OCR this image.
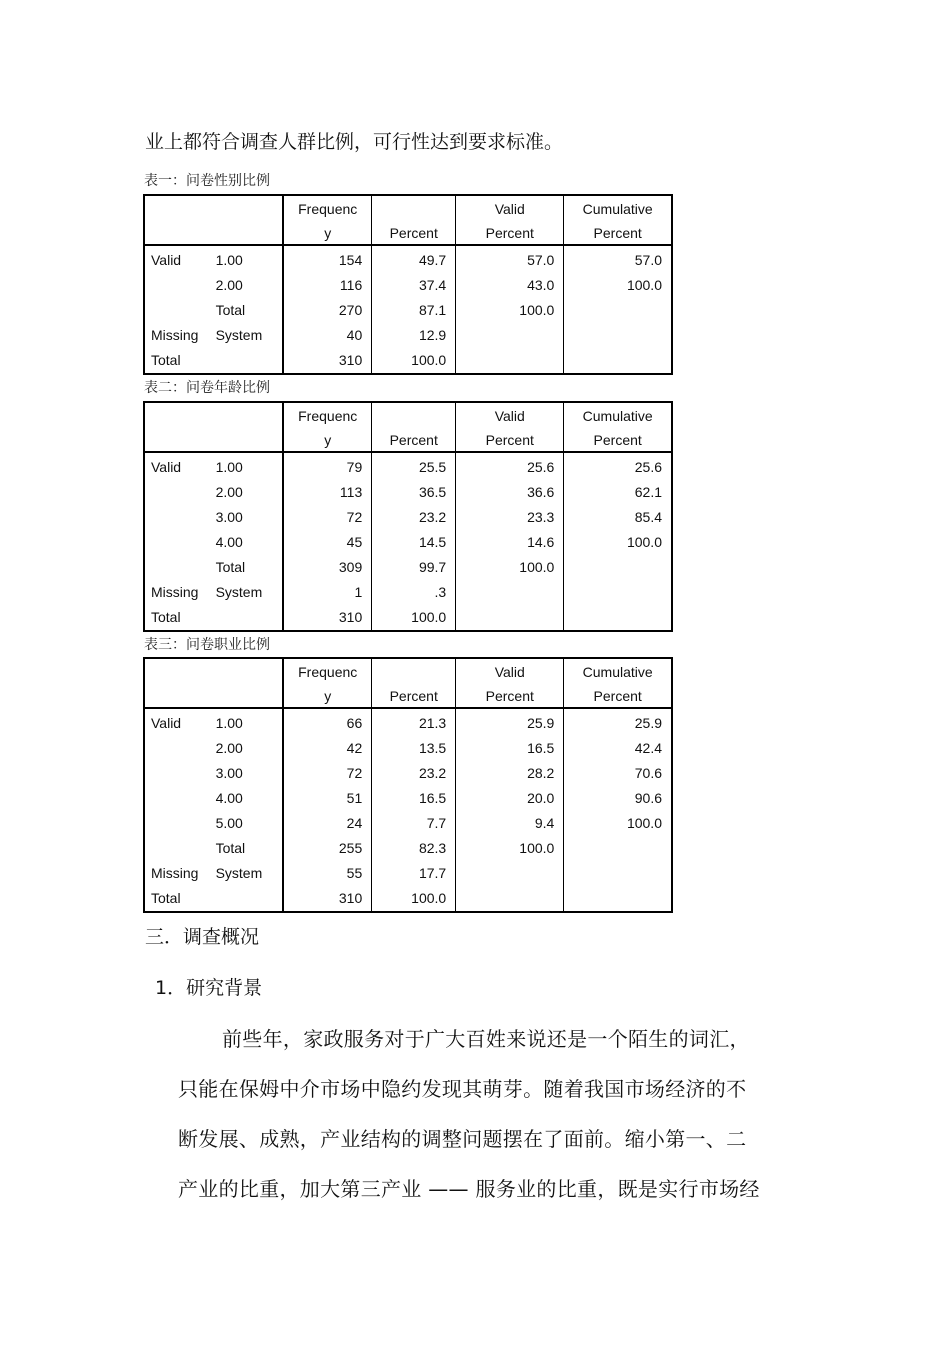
业上都符合调查人群比例，可行性达到要求标准。
表一：问卷性别比例
		Frequenc		Valid	Cumulative
		y	Percent	Percent	Percent
Valid	1.00	154	49.7	57.0	57.0
	2.00	116	37.4	43.0	100.0
	Total	270	87.1	100.0	
Missing	System	40	12.9		
Total		310	100.0		
表二：问卷年龄比例
		Frequenc		Valid	Cumulative
		y	Percent	Percent	Percent
Valid	1.00	79	25.5	25.6	25.6
	2.00	113	36.5	36.6	62.1
	3.00	72	23.2	23.3	85.4
	4.00	45	14.5	14.6	100.0
	Total	309	99.7	100.0	
Missing	System	1	.3		
Total		310	100.0		
表三：问卷职业比例
		Frequenc		Valid	Cumulative
		y	Percent	Percent	Percent
Valid	1.00	66	21.3	25.9	25.9
	2.00	42	13.5	16.5	42.4
	3.00	72	23.2	28.2	70.6
	4.00	51	16.5	20.0	90.6
	5.00	24	7.7	9.4	100.0
	Total	255	82.3	100.0	
Missing	System	55	17.7		
Total		310	100.0		
三．调查概况
1．研究背景
前些年，家政服务对于广大百姓来说还是一个陌生的词汇，
只能在保姆中介市场中隐约发现其萌芽。随着我国市场经济的不
断发展、成熟，产业结构的调整问题摆在了面前。缩小第一、二
产业的比重，加大第三产业 —— 服务业的比重，既是实行市场经
